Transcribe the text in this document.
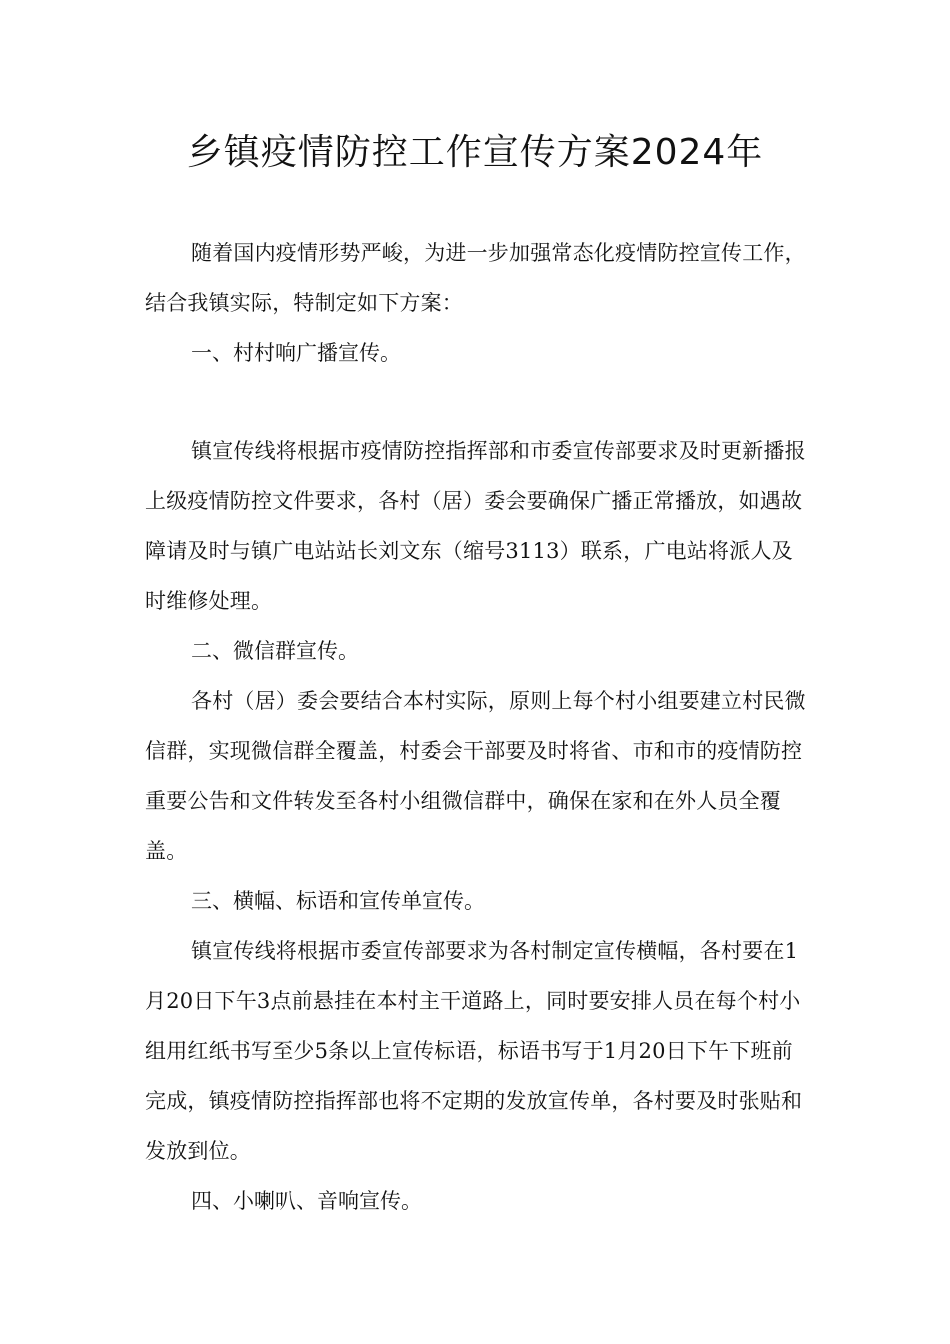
乡镇疫情防控工作宣传方案2024年

随着国内疫情形势严峻，为进一步加强常态化疫情防控宣传工作，结合我镇实际，特制定如下方案：

一、村村响广播宣传。

镇宣传线将根据市疫情防控指挥部和市委宣传部要求及时更新播报上级疫情防控文件要求，各村（居）委会要确保广播正常播放，如遇故障请及时与镇广电站站长刘文东（缩号3113）联系，广电站将派人及时维修处理。

二、微信群宣传。

各村（居）委会要结合本村实际，原则上每个村小组要建立村民微信群，实现微信群全覆盖，村委会干部要及时将省、市和市的疫情防控重要公告和文件转发至各村小组微信群中，确保在家和在外人员全覆盖。

三、横幅、标语和宣传单宣传。

镇宣传线将根据市委宣传部要求为各村制定宣传横幅，各村要在1月20日下午3点前悬挂在本村主干道路上，同时要安排人员在每个村小组用红纸书写至少5条以上宣传标语，标语书写于1月20日下午下班前完成，镇疫情防控指挥部也将不定期的发放宣传单，各村要及时张贴和发放到位。

四、小喇叭、音响宣传。
